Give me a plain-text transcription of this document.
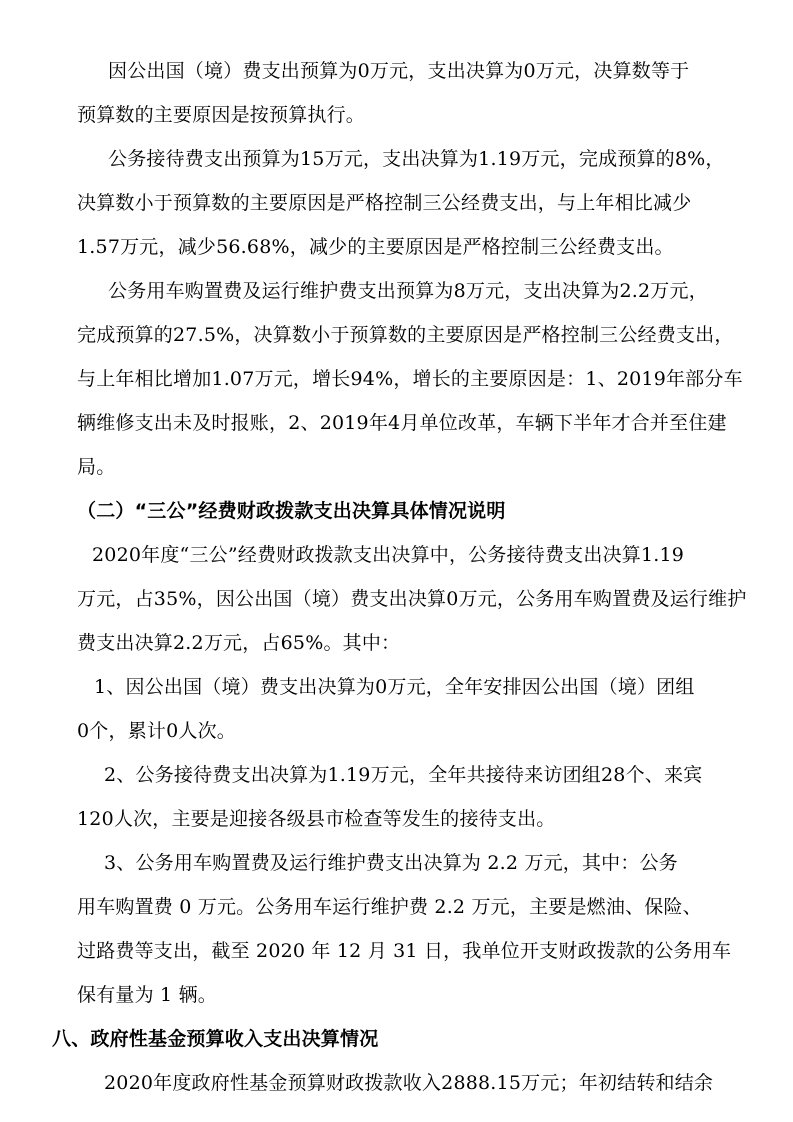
因公出国（境）费支出预算为0万元，支出决算为0万元，决算数等于
预算数的主要原因是按预算执行。
公务接待费支出预算为15万元，支出决算为1.19万元，完成预算的8%，
决算数小于预算数的主要原因是严格控制三公经费支出，与上年相比减少
1.57万元，减少56.68%，减少的主要原因是严格控制三公经费支出。
公务用车购置费及运行维护费支出预算为8万元，支出决算为2.2万元，
完成预算的27.5%，决算数小于预算数的主要原因是严格控制三公经费支出，
与上年相比增加1.07万元，增长94%，增长的主要原因是：1、2019年部分车
辆维修支出未及时报账，2、2019年4月单位改革，车辆下半年才合并至住建
局。
（二）“三公”经费财政拨款支出决算具体情况说明
2020年度“三公”经费财政拨款支出决算中，公务接待费支出决算1.19
万元，占35%，因公出国（境）费支出决算0万元，公务用车购置费及运行维护
费支出决算2.2万元，占65%。其中：
1、因公出国（境）费支出决算为0万元，全年安排因公出国（境）团组
0个，累计0人次。
2、公务接待费支出决算为1.19万元，全年共接待来访团组28个、来宾
120人次，主要是迎接各级县市检查等发生的接待支出。
3、公务用车购置费及运行维护费支出决算为 2.2 万元，其中：公务
用车购置费 0 万元。公务用车运行维护费 2.2 万元，主要是燃油、保险、
过路费等支出，截至 2020 年 12 月 31 日，我单位开支财政拨款的公务用车
保有量为 1 辆。
八、政府性基金预算收入支出决算情况
2020年度政府性基金预算财政拨款收入2888.15万元；年初结转和结余
